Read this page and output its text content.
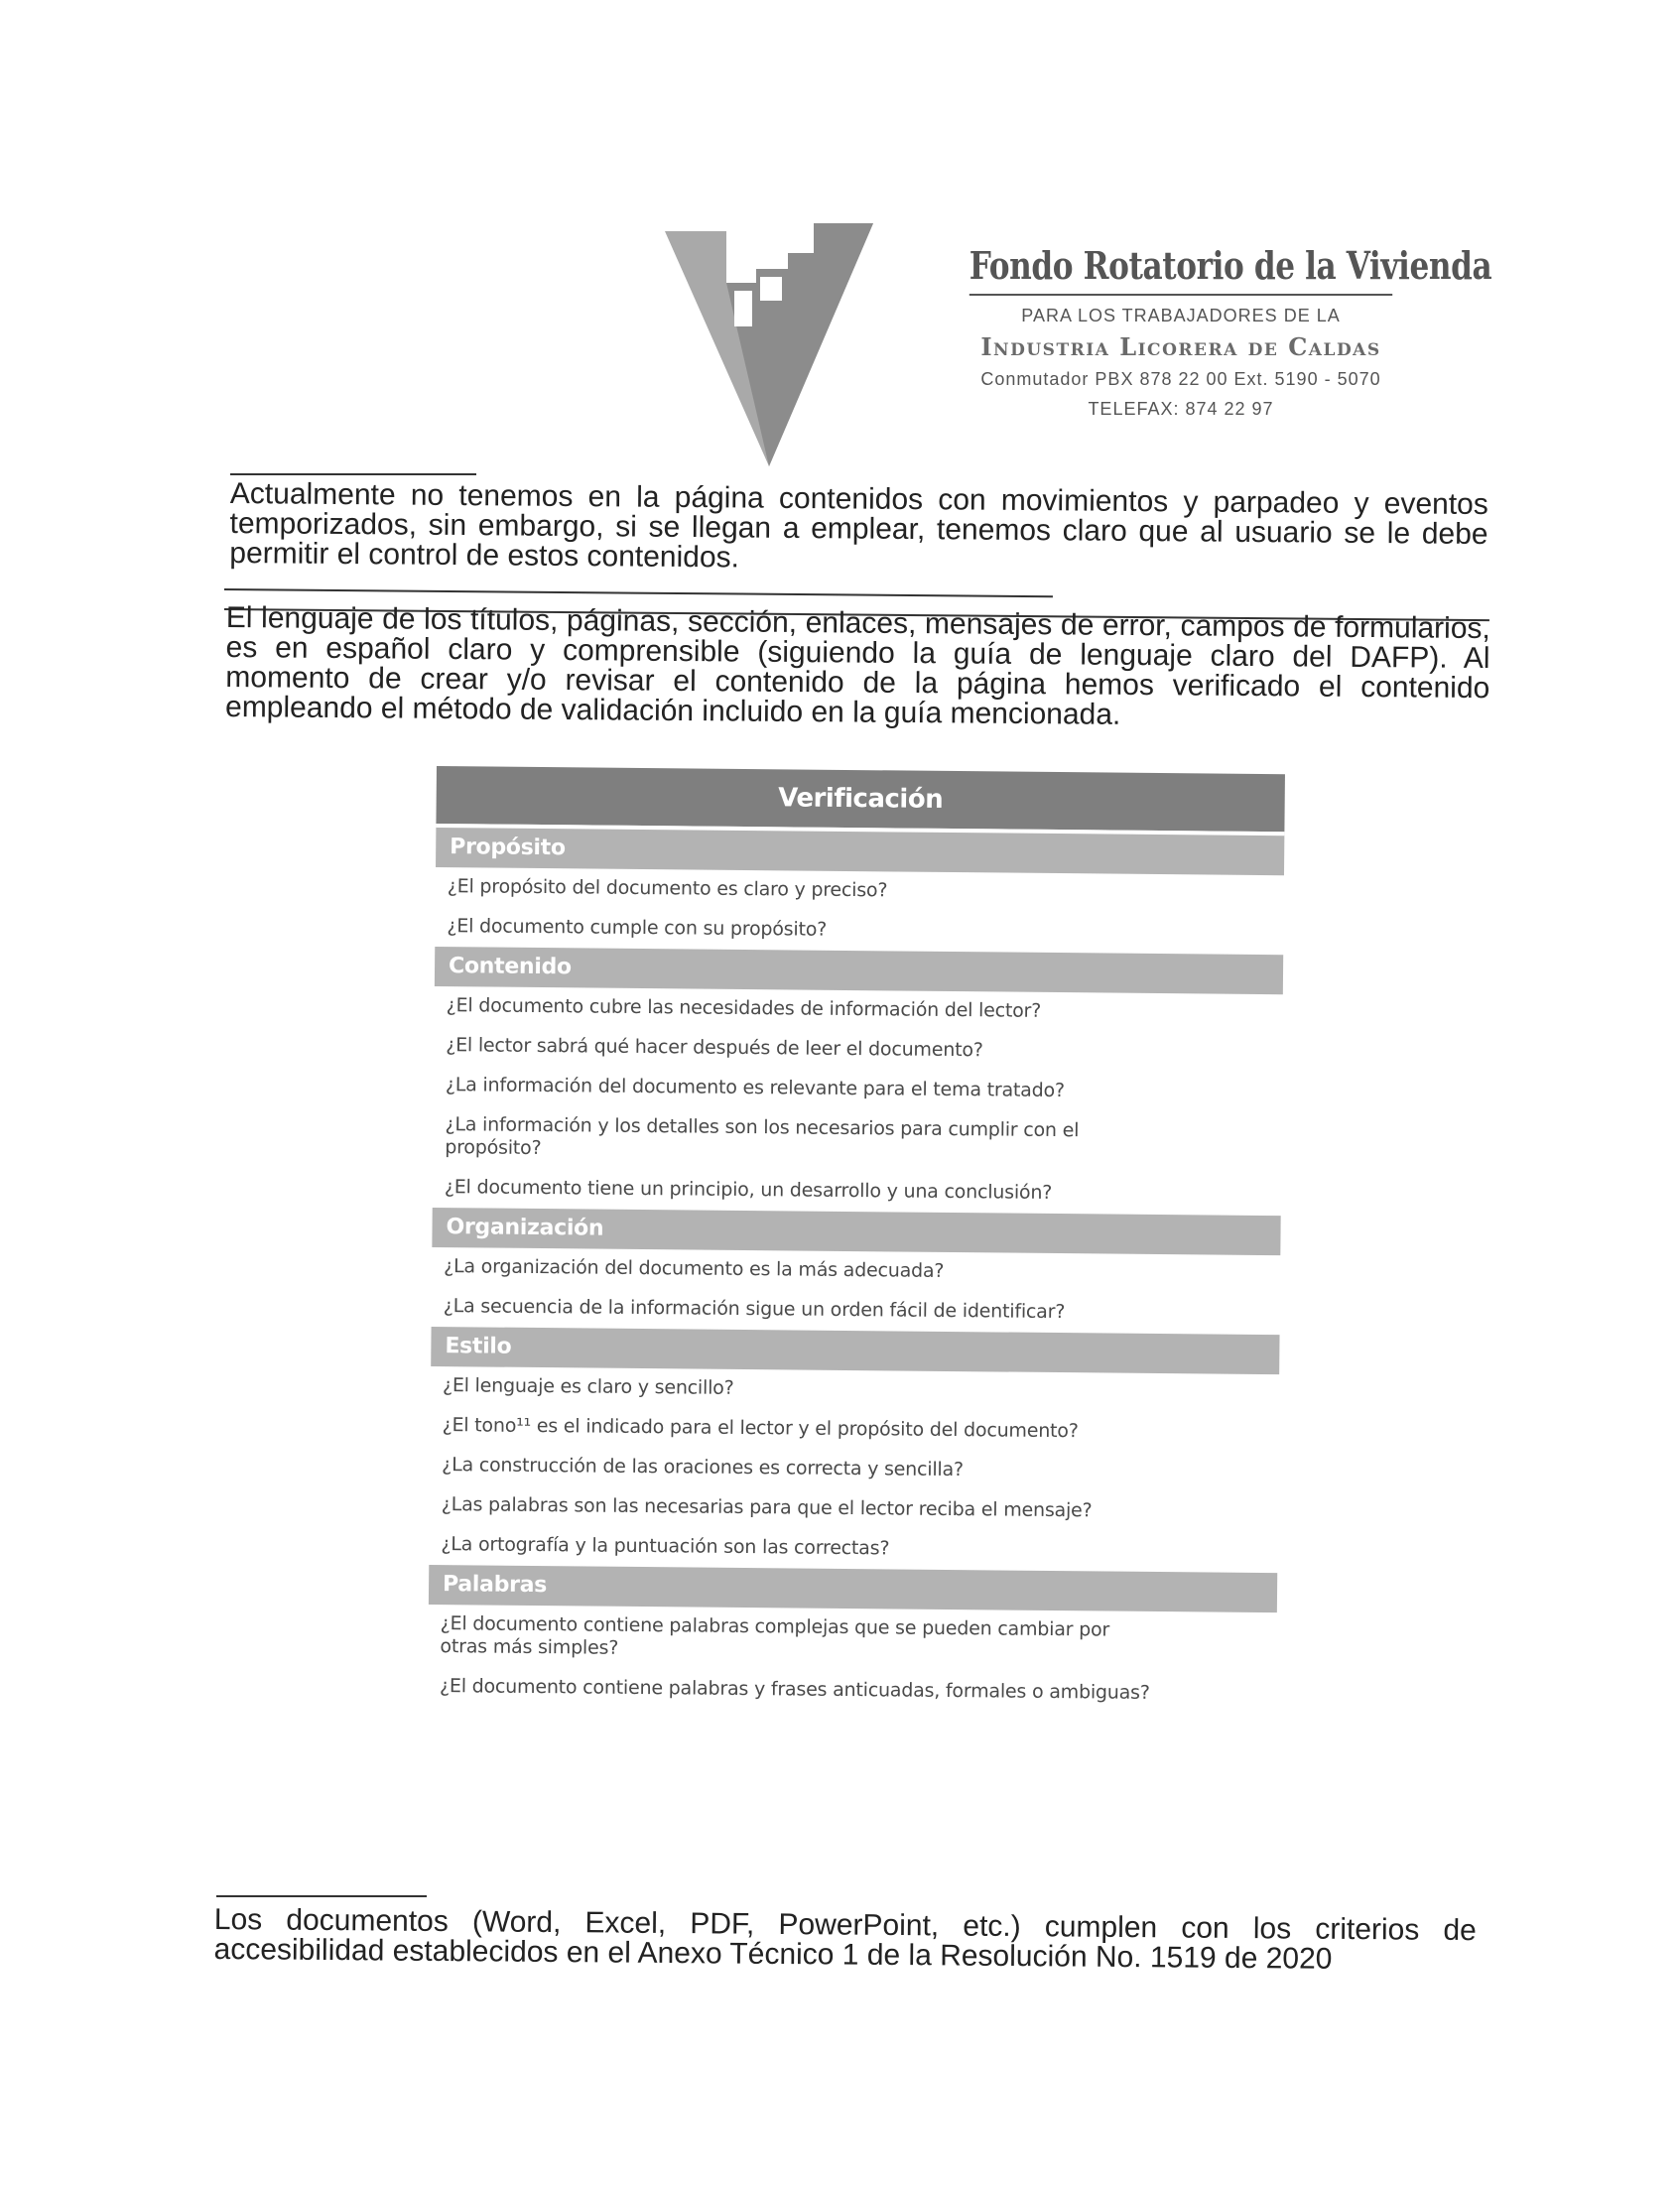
Fondo Rotatorio de la Vivienda
PARA LOS TRABAJADORES DE LA
Industria Licorera de Caldas
Conmutador PBX 878 22 00 Ext. 5190 - 5070
TELEFAX: 874 22 97

Actualmente no tenemos en la página contenidos con movimientos y parpadeo y eventos temporizados, sin embargo, si se llegan a emplear, tenemos claro que al usuario se le debe permitir el control de estos contenidos.

El lenguaje de los títulos, páginas, sección, enlaces, mensajes de error, campos de formularios, es en español claro y comprensible (siguiendo la guía de lenguaje claro del DAFP). Al momento de crear y/o revisar el contenido de la página hemos verificado el contenido empleando el método de validación incluido en la guía mencionada.

Verificación
Propósito
¿El propósito del documento es claro y preciso?
¿El documento cumple con su propósito?
Contenido
¿El documento cubre las necesidades de información del lector?
¿El lector sabrá qué hacer después de leer el documento?
¿La información del documento es relevante para el tema tratado?
¿La información y los detalles son los necesarios para cumplir con el propósito?
¿El documento tiene un principio, un desarrollo y una conclusión?
Organización
¿La organización del documento es la más adecuada?
¿La secuencia de la información sigue un orden fácil de identificar?
Estilo
¿El lenguaje es claro y sencillo?
¿El tono¹¹ es el indicado para el lector y el propósito del documento?
¿La construcción de las oraciones es correcta y sencilla?
¿Las palabras son las necesarias para que el lector reciba el mensaje?
¿La ortografía y la puntuación son las correctas?
Palabras
¿El documento contiene palabras complejas que se pueden cambiar por otras más simples?
¿El documento contiene palabras y frases anticuadas, formales o ambiguas?

Los documentos (Word, Excel, PDF, PowerPoint, etc.) cumplen con los criterios de accesibilidad establecidos en el Anexo Técnico 1 de la Resolución No. 1519 de 2020
